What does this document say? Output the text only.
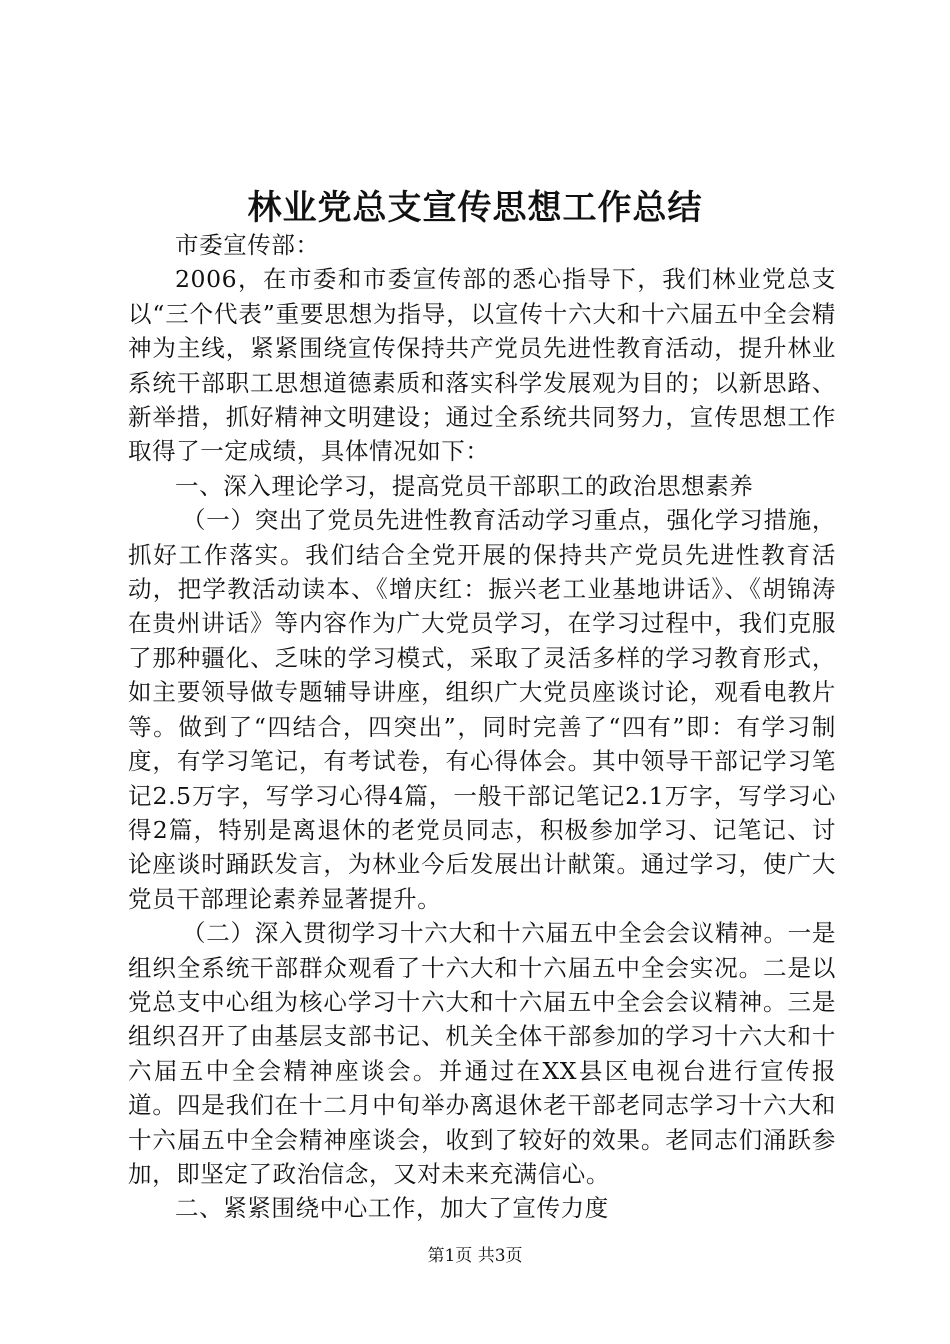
林业党总支宣传思想工作总结

市委宣传部：

2006，在市委和市委宣传部的悉心指导下，我们林业党总支以“三个代表”重要思想为指导，以宣传十六大和十六届五中全会精神为主线，紧紧围绕宣传保持共产党员先进性教育活动，提升林业系统干部职工思想道德素质和落实科学发展观为目的；以新思路、新举措，抓好精神文明建设；通过全系统共同努力，宣传思想工作取得了一定成绩，具体情况如下：

一、深入理论学习，提高党员干部职工的政治思想素养

（一）突出了党员先进性教育活动学习重点，强化学习措施，抓好工作落实。我们结合全党开展的保持共产党员先进性教育活动，把学教活动读本、《增庆红：振兴老工业基地讲话》、《胡锦涛在贵州讲话》等内容作为广大党员学习，在学习过程中，我们克服了那种疆化、乏味的学习模式，采取了灵活多样的学习教育形式，如主要领导做专题辅导讲座，组织广大党员座谈讨论，观看电教片等。做到了“四结合，四突出”，同时完善了“四有”即：有学习制度，有学习笔记，有考试卷，有心得体会。其中领导干部记学习笔记2.5万字，写学习心得4篇，一般干部记笔记2.1万字，写学习心得2篇，特别是离退休的老党员同志，积极参加学习、记笔记、讨论座谈时踊跃发言，为林业今后发展出计献策。通过学习，使广大党员干部理论素养显著提升。

（二）深入贯彻学习十六大和十六届五中全会会议精神。一是组织全系统干部群众观看了十六大和十六届五中全会实况。二是以党总支中心组为核心学习十六大和十六届五中全会会议精神。三是组织召开了由基层支部书记、机关全体干部参加的学习十六大和十六届五中全会精神座谈会。并通过在XX县区电视台进行宣传报道。四是我们在十二月中旬举办离退休老干部老同志学习十六大和十六届五中全会精神座谈会，收到了较好的效果。老同志们涌跃参加，即坚定了政治信念，又对未来充满信心。

二、紧紧围绕中心工作，加大了宣传力度

第1页 共3页
